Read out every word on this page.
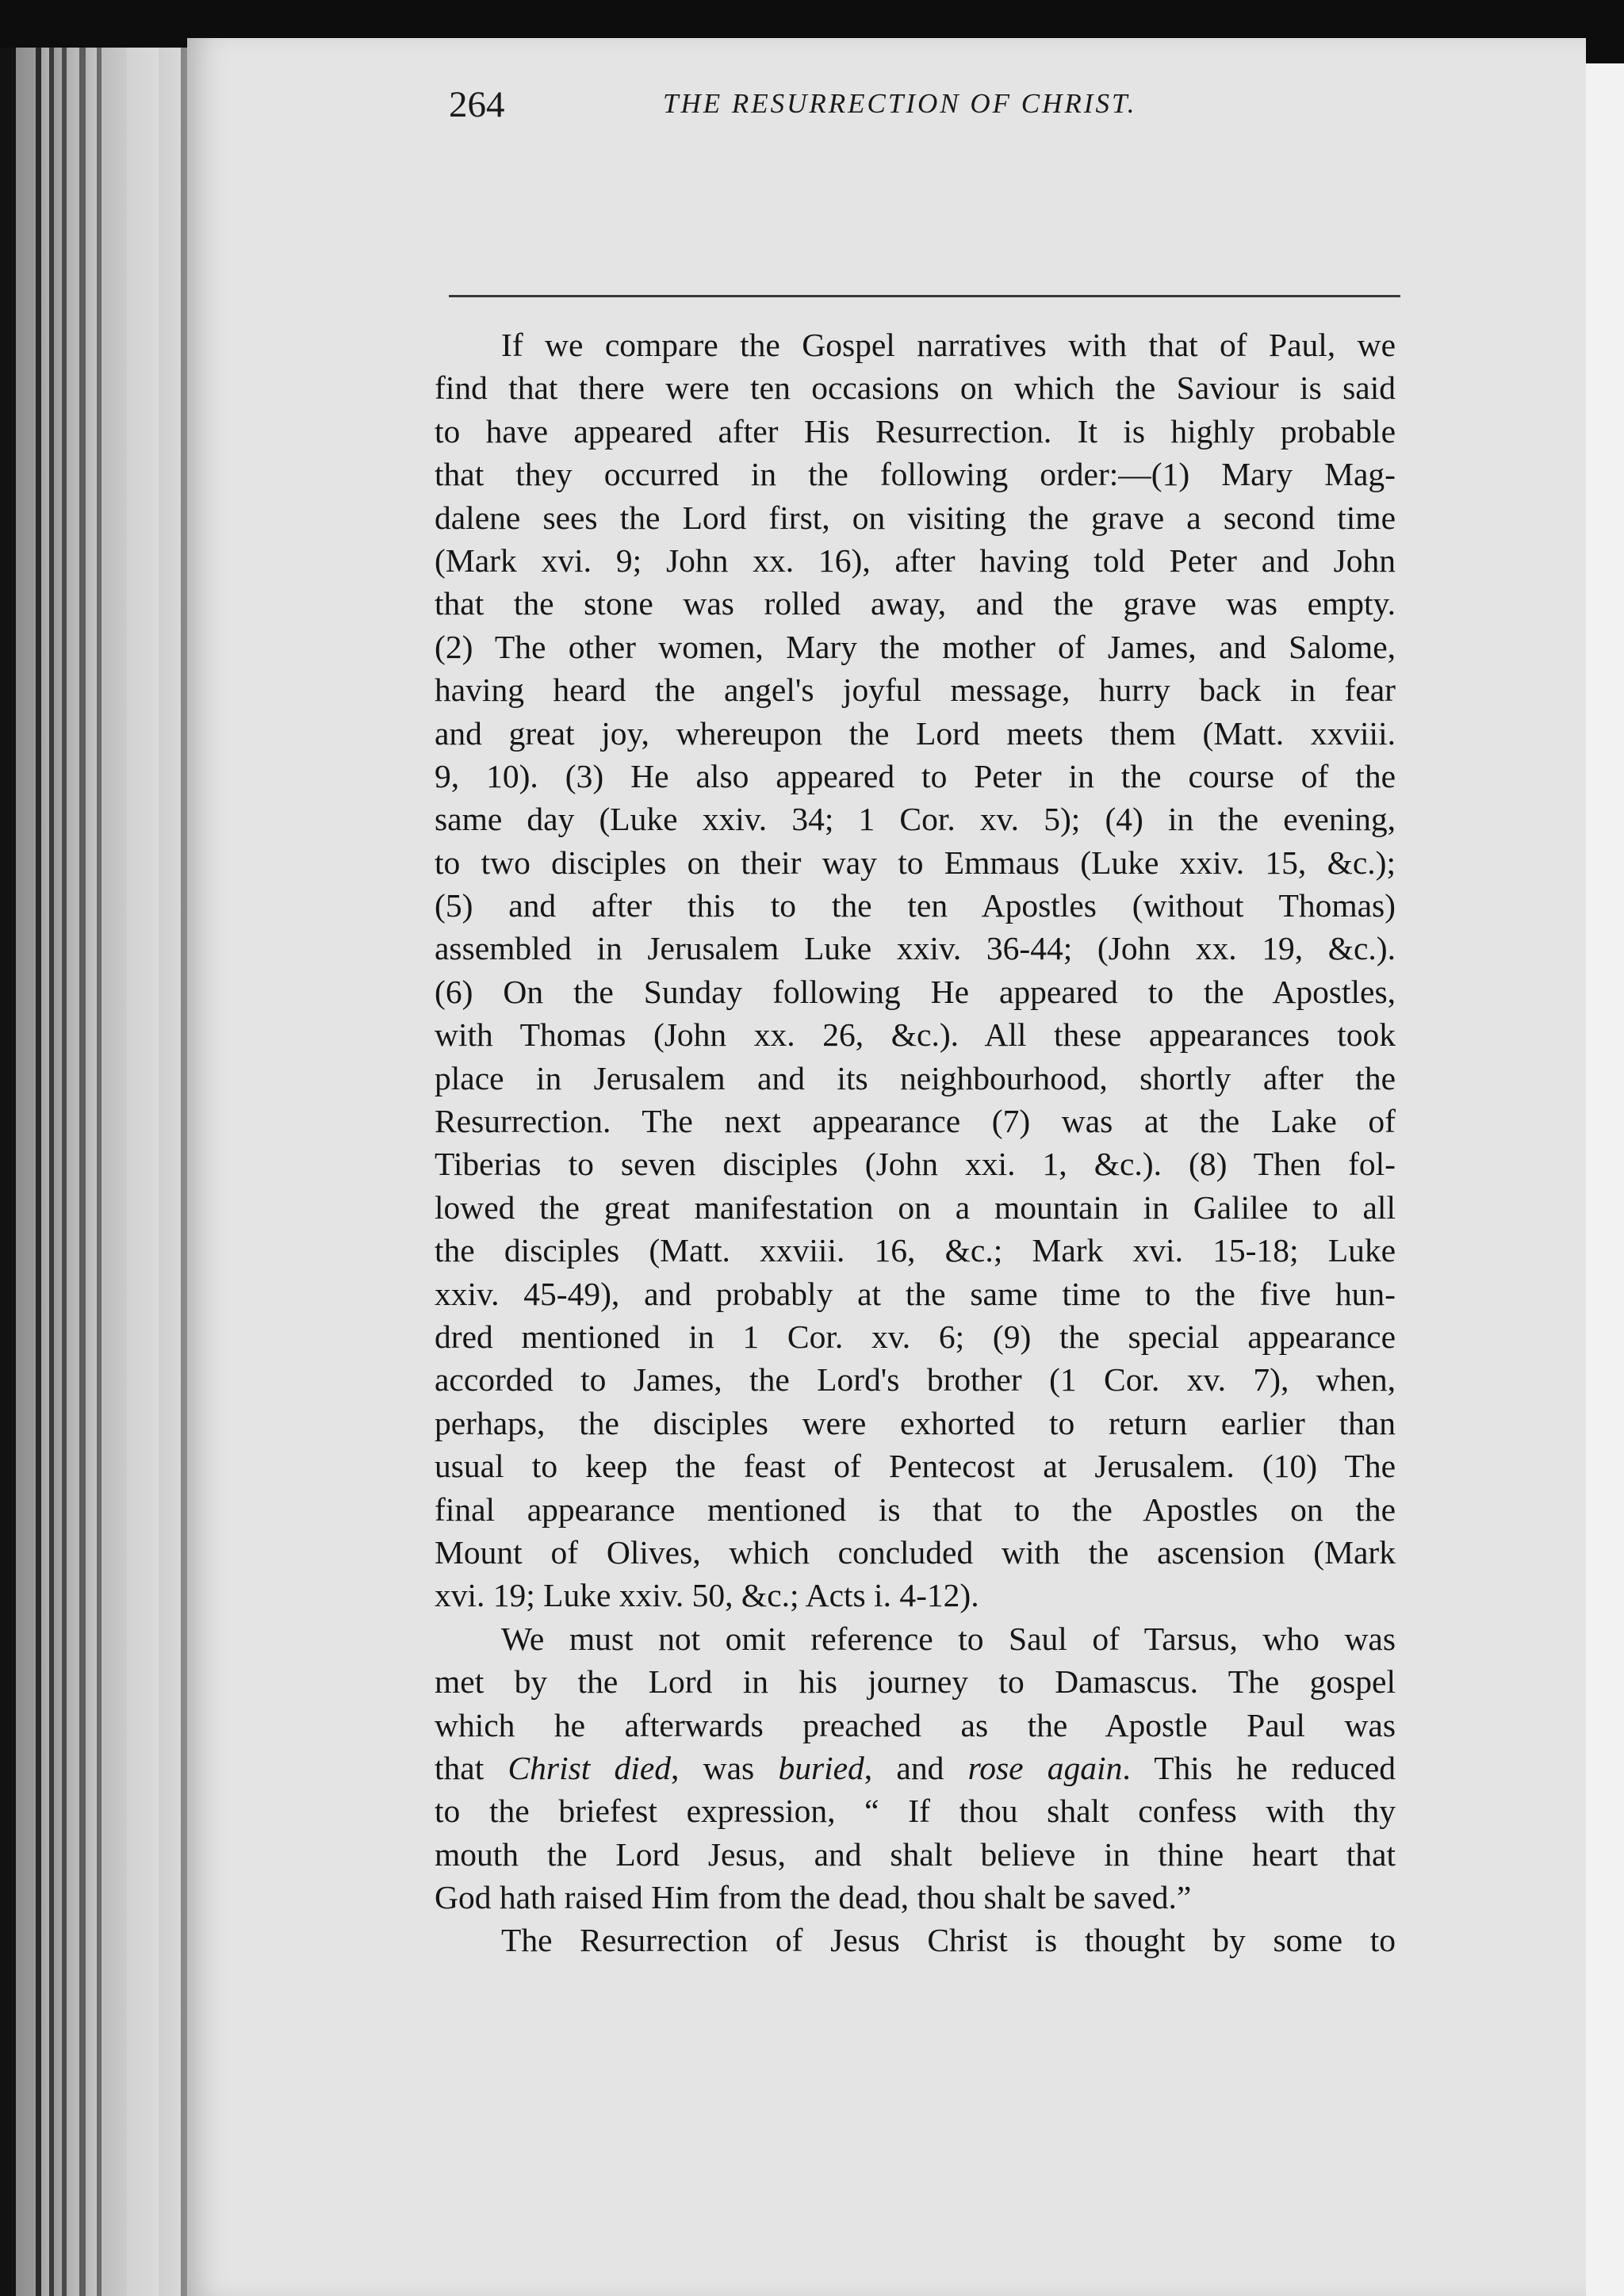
264	THE RESURRECTION OF CHRIST.
If we compare the Gospel narratives with that of Paul, we
find that there were ten occasions on which the Saviour is said
to have appeared after His Resurrection. It is highly probable
that they occurred in the following order:—(1) Mary Mag-
dalene sees the Lord first, on visiting the grave a second time
(Mark xvi. 9; John xx. 16), after having told Peter and John
that the stone was rolled away, and the grave was empty.
(2) The other women, Mary the mother of James, and Salome,
having heard the angel's joyful message, hurry back in fear
and great joy, whereupon the Lord meets them (Matt. xxviii.
9, 10). (3) He also appeared to Peter in the course of the
same day (Luke xxiv. 34; 1 Cor. xv. 5); (4) in the evening,
to two disciples on their way to Emmaus (Luke xxiv. 15, &c.);
(5) and after this to the ten Apostles (without Thomas)
assembled in Jerusalem Luke xxiv. 36-44; (John xx. 19, &c.).
(6) On the Sunday following He appeared to the Apostles,
with Thomas (John xx. 26, &c.). All these appearances took
place in Jerusalem and its neighbourhood, shortly after the
Resurrection. The next appearance (7) was at the Lake of
Tiberias to seven disciples (John xxi. 1, &c.). (8) Then fol-
lowed the great manifestation on a mountain in Galilee to all
the disciples (Matt. xxviii. 16, &c.; Mark xvi. 15-18; Luke
xxiv. 45-49), and probably at the same time to the five hun-
dred mentioned in 1 Cor. xv. 6; (9) the special appearance
accorded to James, the Lord's brother (1 Cor. xv. 7), when,
perhaps, the disciples were exhorted to return earlier than
usual to keep the feast of Pentecost at Jerusalem. (10) The
final appearance mentioned is that to the Apostles on the
Mount of Olives, which concluded with the ascension (Mark
xvi. 19; Luke xxiv. 50, &c.; Acts i. 4-12).
We must not omit reference to Saul of Tarsus, who was
met by the Lord in his journey to Damascus. The gospel
which he afterwards preached as the Apostle Paul was
that Christ died, was buried, and rose again. This he reduced
to the briefest expression, “ If thou shalt confess with thy
mouth the Lord Jesus, and shalt believe in thine heart that
God hath raised Him from the dead, thou shalt be saved.”
The Resurrection of Jesus Christ is thought by some to
